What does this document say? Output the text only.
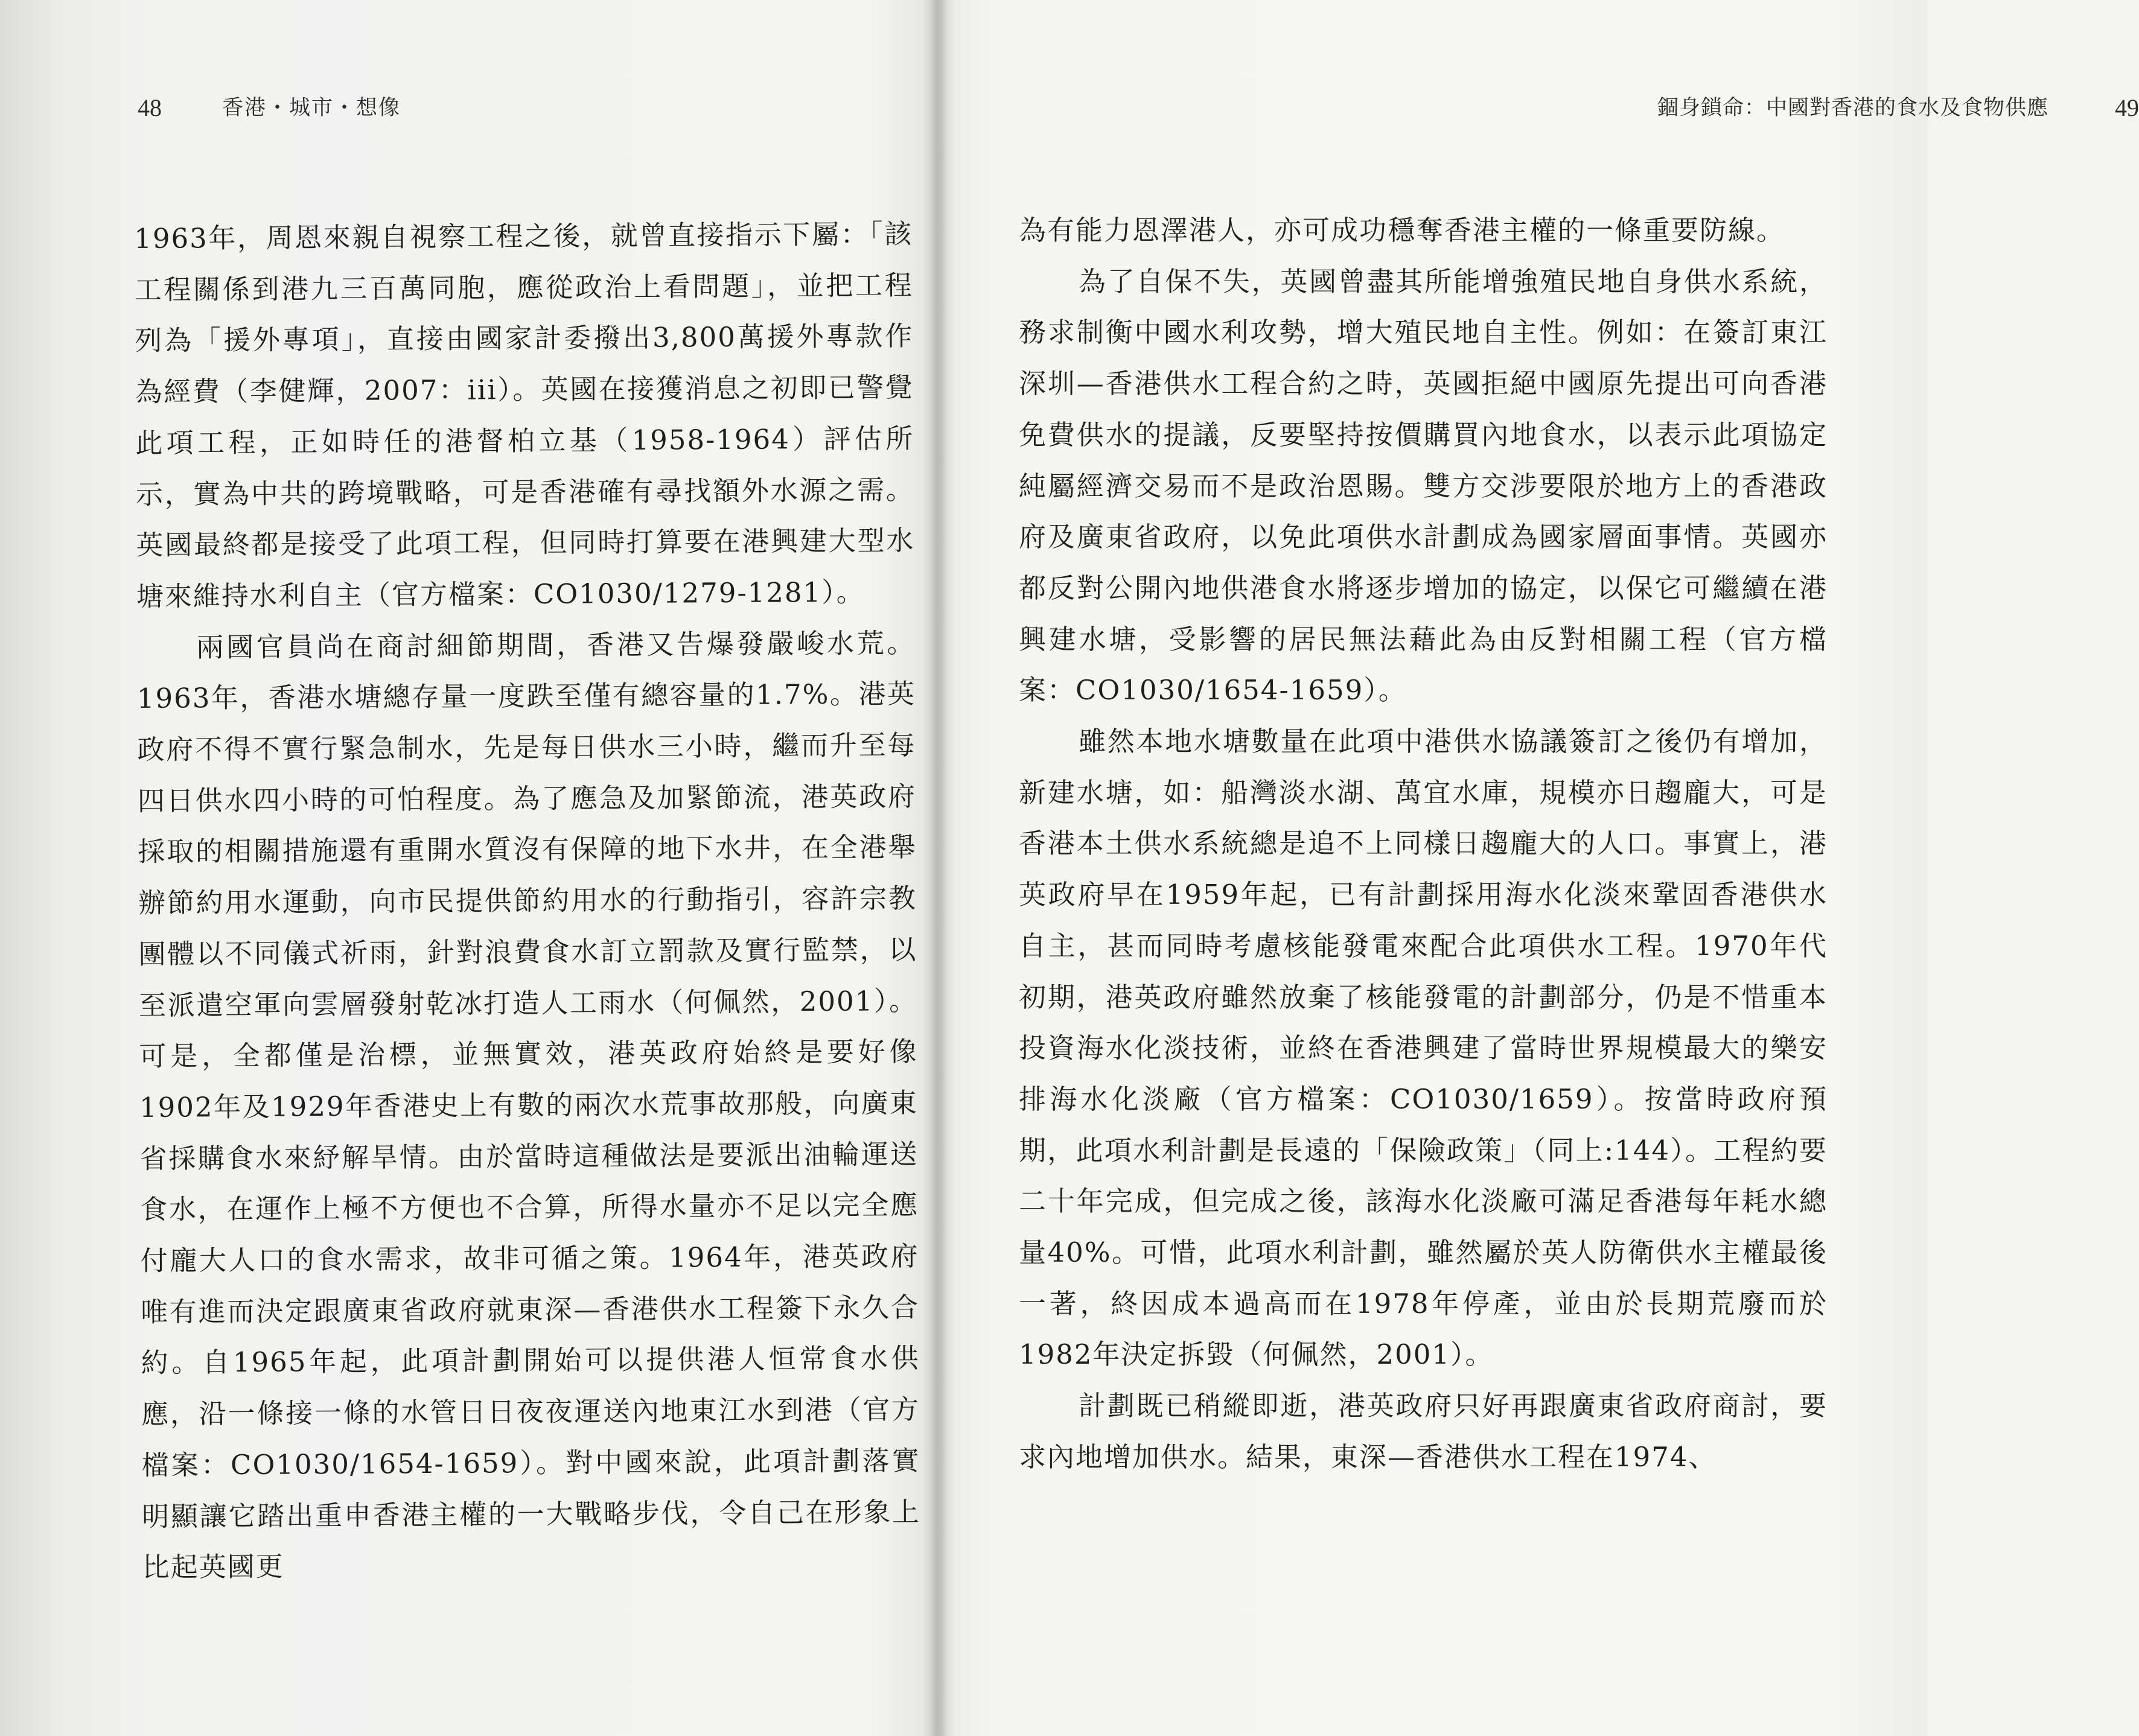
48	香港・城市・想像

1963年，周恩來親自視察工程之後，就曾直接指示下屬：「該工程關係到港九三百萬同胞，應從政治上看問題」，並把工程列為「援外專項」，直接由國家計委撥出3,800萬援外專款作為經費（李健輝，2007：iii）。英國在接獲消息之初即已警覺此項工程，正如時任的港督柏立基（1958-1964）評估所示，實為中共的跨境戰略，可是香港確有尋找額外水源之需。英國最終都是接受了此項工程，但同時打算要在港興建大型水塘來維持水利自主（官方檔案：CO1030/1279-1281）。

兩國官員尚在商討細節期間，香港又告爆發嚴峻水荒。1963年，香港水塘總存量一度跌至僅有總容量的1.7%。港英政府不得不實行緊急制水，先是每日供水三小時，繼而升至每四日供水四小時的可怕程度。為了應急及加緊節流，港英政府採取的相關措施還有重開水質沒有保障的地下水井，在全港舉辦節約用水運動，向市民提供節約用水的行動指引，容許宗教團體以不同儀式祈雨，針對浪費食水訂立罰款及實行監禁，以至派遣空軍向雲層發射乾冰打造人工雨水（何佩然，2001）。可是，全都僅是治標，並無實效，港英政府始終是要好像1902年及1929年香港史上有數的兩次水荒事故那般，向廣東省採購食水來紓解旱情。由於當時這種做法是要派出油輪運送食水，在運作上極不方便也不合算，所得水量亦不足以完全應付龐大人口的食水需求，故非可循之策。1964年，港英政府唯有進而決定跟廣東省政府就東深—香港供水工程簽下永久合約。自1965年起，此項計劃開始可以提供港人恒常食水供應，沿一條接一條的水管日日夜夜運送內地東江水到港（官方檔案：CO1030/1654-1659）。對中國來說，此項計劃落實明顯讓它踏出重申香港主權的一大戰略步伐，令自己在形象上比起英國更

錮身鎖命：中國對香港的食水及食物供應	49

為有能力恩澤港人，亦可成功穩奪香港主權的一條重要防線。

為了自保不失，英國曾盡其所能增強殖民地自身供水系統，務求制衡中國水利攻勢，增大殖民地自主性。例如：在簽訂東江深圳—香港供水工程合約之時，英國拒絕中國原先提出可向香港免費供水的提議，反要堅持按價購買內地食水，以表示此項協定純屬經濟交易而不是政治恩賜。雙方交涉要限於地方上的香港政府及廣東省政府，以免此項供水計劃成為國家層面事情。英國亦都反對公開內地供港食水將逐步增加的協定，以保它可繼續在港興建水塘，受影響的居民無法藉此為由反對相關工程（官方檔案：CO1030/1654-1659）。

雖然本地水塘數量在此項中港供水協議簽訂之後仍有增加，新建水塘，如：船灣淡水湖、萬宜水庫，規模亦日趨龐大，可是香港本土供水系統總是追不上同樣日趨龐大的人口。事實上，港英政府早在1959年起，已有計劃採用海水化淡來鞏固香港供水自主，甚而同時考慮核能發電來配合此項供水工程。1970年代初期，港英政府雖然放棄了核能發電的計劃部分，仍是不惜重本投資海水化淡技術，並終在香港興建了當時世界規模最大的樂安排海水化淡廠（官方檔案：CO1030/1659）。按當時政府預期，此項水利計劃是長遠的「保險政策」（同上:144）。工程約要二十年完成，但完成之後，該海水化淡廠可滿足香港每年耗水總量40%。可惜，此項水利計劃，雖然屬於英人防衛供水主權最後一著，終因成本過高而在1978年停產，並由於長期荒廢而於1982年決定拆毀（何佩然，2001）。

計劃既已稍縱即逝，港英政府只好再跟廣東省政府商討，要求內地增加供水。結果，東深—香港供水工程在1974、
